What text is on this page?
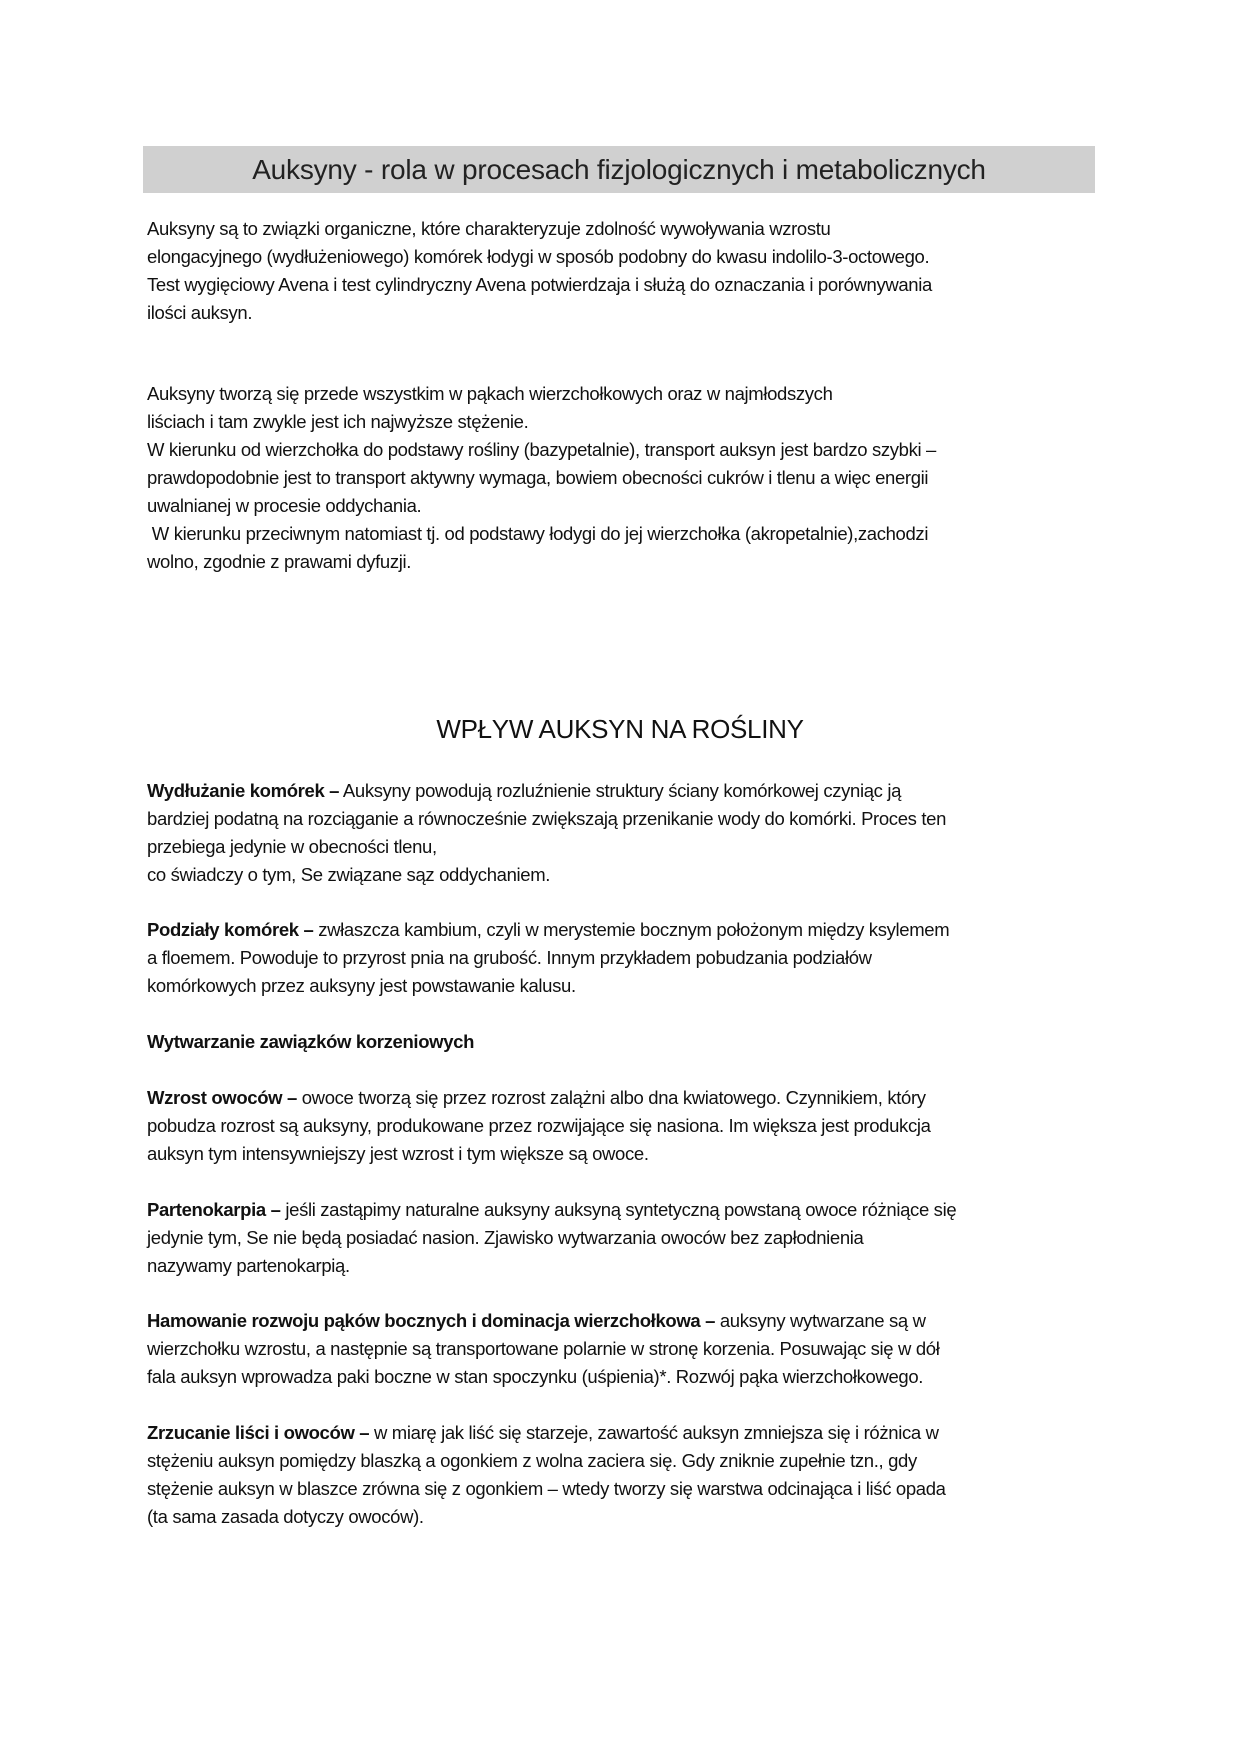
Auksyny - rola w procesach fizjologicznych i metabolicznych
Auksyny są to związki organiczne, które charakteryzuje zdolność wywoływania wzrostu
elongacyjnego (wydłużeniowego) komórek łodygi w sposób podobny do kwasu indolilo-3-octowego.
Test wygięciowy Avena i test cylindryczny Avena potwierdzaja i służą do oznaczania i porównywania
ilości auksyn.
Auksyny tworzą się przede wszystkim w pąkach wierzchołkowych oraz w najmłodszych
liściach i tam zwykle jest ich najwyższe stężenie.
W kierunku od wierzchołka do podstawy rośliny (bazypetalnie), transport auksyn jest bardzo szybki –
prawdopodobnie jest to transport aktywny wymaga, bowiem obecności cukrów i tlenu a więc energii
uwalnianej w procesie oddychania.
W kierunku przeciwnym natomiast tj. od podstawy łodygi do jej wierzchołka (akropetalnie),zachodzi
wolno, zgodnie z prawami dyfuzji.
WPŁYW AUKSYN NA ROŚLINY
Wydłużanie komórek – Auksyny powodują rozluźnienie struktury ściany komórkowej czyniąc ją
bardziej podatną na rozciąganie a równocześnie zwiększają przenikanie wody do komórki. Proces ten
przebiega jedynie w obecności tlenu,
co świadczy o tym, Se związane sąz oddychaniem.
Podziały komórek – zwłaszcza kambium, czyli w merystemie bocznym położonym między ksylemem
a floemem. Powoduje to przyrost pnia na grubość. Innym przykładem pobudzania podziałów
komórkowych przez auksyny jest powstawanie kalusu.
Wytwarzanie zawiązków korzeniowych
Wzrost owoców – owoce tworzą się przez rozrost zalążni albo dna kwiatowego. Czynnikiem, który
pobudza rozrost są auksyny, produkowane przez rozwijające się nasiona. Im większa jest produkcja
auksyn tym intensywniejszy jest wzrost i tym większe są owoce.
Partenokarpia – jeśli zastąpimy naturalne auksyny auksyną syntetyczną powstaną owoce różniące się
jedynie tym, Se nie będą posiadać nasion. Zjawisko wytwarzania owoców bez zapłodnienia
nazywamy partenokarpią.
Hamowanie rozwoju pąków bocznych i dominacja wierzchołkowa – auksyny wytwarzane są w
wierzchołku wzrostu, a następnie są transportowane polarnie w stronę korzenia. Posuwając się w dół
fala auksyn wprowadza paki boczne w stan spoczynku (uśpienia)*. Rozwój pąka wierzchołkowego.
Zrzucanie liści i owoców – w miarę jak liść się starzeje, zawartość auksyn zmniejsza się i różnica w
stężeniu auksyn pomiędzy blaszką a ogonkiem z wolna zaciera się. Gdy zniknie zupełnie tzn., gdy
stężenie auksyn w blaszce zrówna się z ogonkiem – wtedy tworzy się warstwa odcinająca i liść opada
(ta sama zasada dotyczy owoców).
